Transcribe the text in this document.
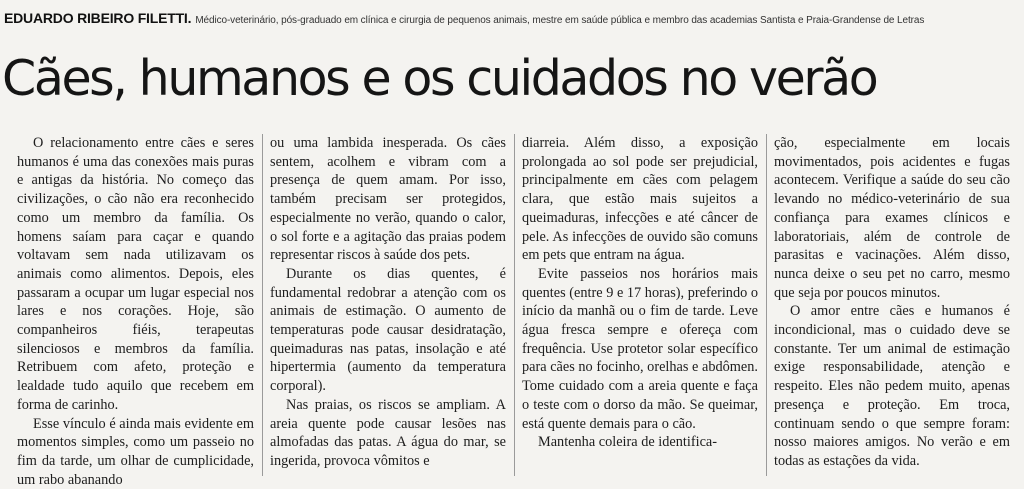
EDUARDO RIBEIRO FILETTI. Médico-veterinário, pós-graduado em clínica e cirurgia de pequenos animais, mestre em saúde pública e membro das academias Santista e Praia-Grandense de Letras
Cães, humanos e os cuidados no verão

O relacionamento entre cães e seres humanos é uma das conexões mais puras e antigas da história. No começo das civilizações, o cão não era reconhecido como um membro da família. Os homens saíam para caçar e quando voltavam sem nada utilizavam os animais como alimentos. Depois, eles passaram a ocupar um lugar especial nos lares e nos corações. Hoje, são companheiros fiéis, terapeutas silenciosos e membros da família. Retribuem com afeto, proteção e lealdade tudo aquilo que recebem em forma de carinho.

Esse vínculo é ainda mais evidente em momentos simples, como um passeio no fim da tarde, um olhar de cumplicidade, um rabo abanando

ou uma lambida inesperada. Os cães sentem, acolhem e vibram com a presença de quem amam. Por isso, também precisam ser protegidos, especialmente no verão, quando o calor, o sol forte e a agitação das praias podem representar riscos à saúde dos pets.

Durante os dias quentes, é fundamental redobrar a atenção com os animais de estimação. O aumento de temperaturas pode causar desidratação, queimaduras nas patas, insolação e até hipertermia (aumento da temperatura corporal).

Nas praias, os riscos se ampliam. A areia quente pode causar lesões nas almofadas das patas. A água do mar, se ingerida, provoca vômitos e

diarreia. Além disso, a exposição prolongada ao sol pode ser prejudicial, principalmente em cães com pelagem clara, que estão mais sujeitos a queimaduras, infecções e até câncer de pele. As infecções de ouvido são comuns em pets que entram na água.

Evite passeios nos horários mais quentes (entre 9 e 17 horas), preferindo o início da manhã ou o fim de tarde. Leve água fresca sempre e ofereça com frequência. Use protetor solar específico para cães no focinho, orelhas e abdômen. Tome cuidado com a areia quente e faça o teste com o dorso da mão. Se queimar, está quente demais para o cão.

Mantenha coleira de identifica-

ção, especialmente em locais movimentados, pois acidentes e fugas acontecem. Verifique a saúde do seu cão levando no médico-veterinário de sua confiança para exames clínicos e laboratoriais, além de controle de parasitas e vacinações. Além disso, nunca deixe o seu pet no carro, mesmo que seja por poucos minutos.

O amor entre cães e humanos é incondicional, mas o cuidado deve se constante. Ter um animal de estimação exige responsabilidade, atenção e respeito. Eles não pedem muito, apenas presença e proteção. Em troca, continuam sendo o que sempre foram: nosso maiores amigos. No verão e em todas as estações da vida.
